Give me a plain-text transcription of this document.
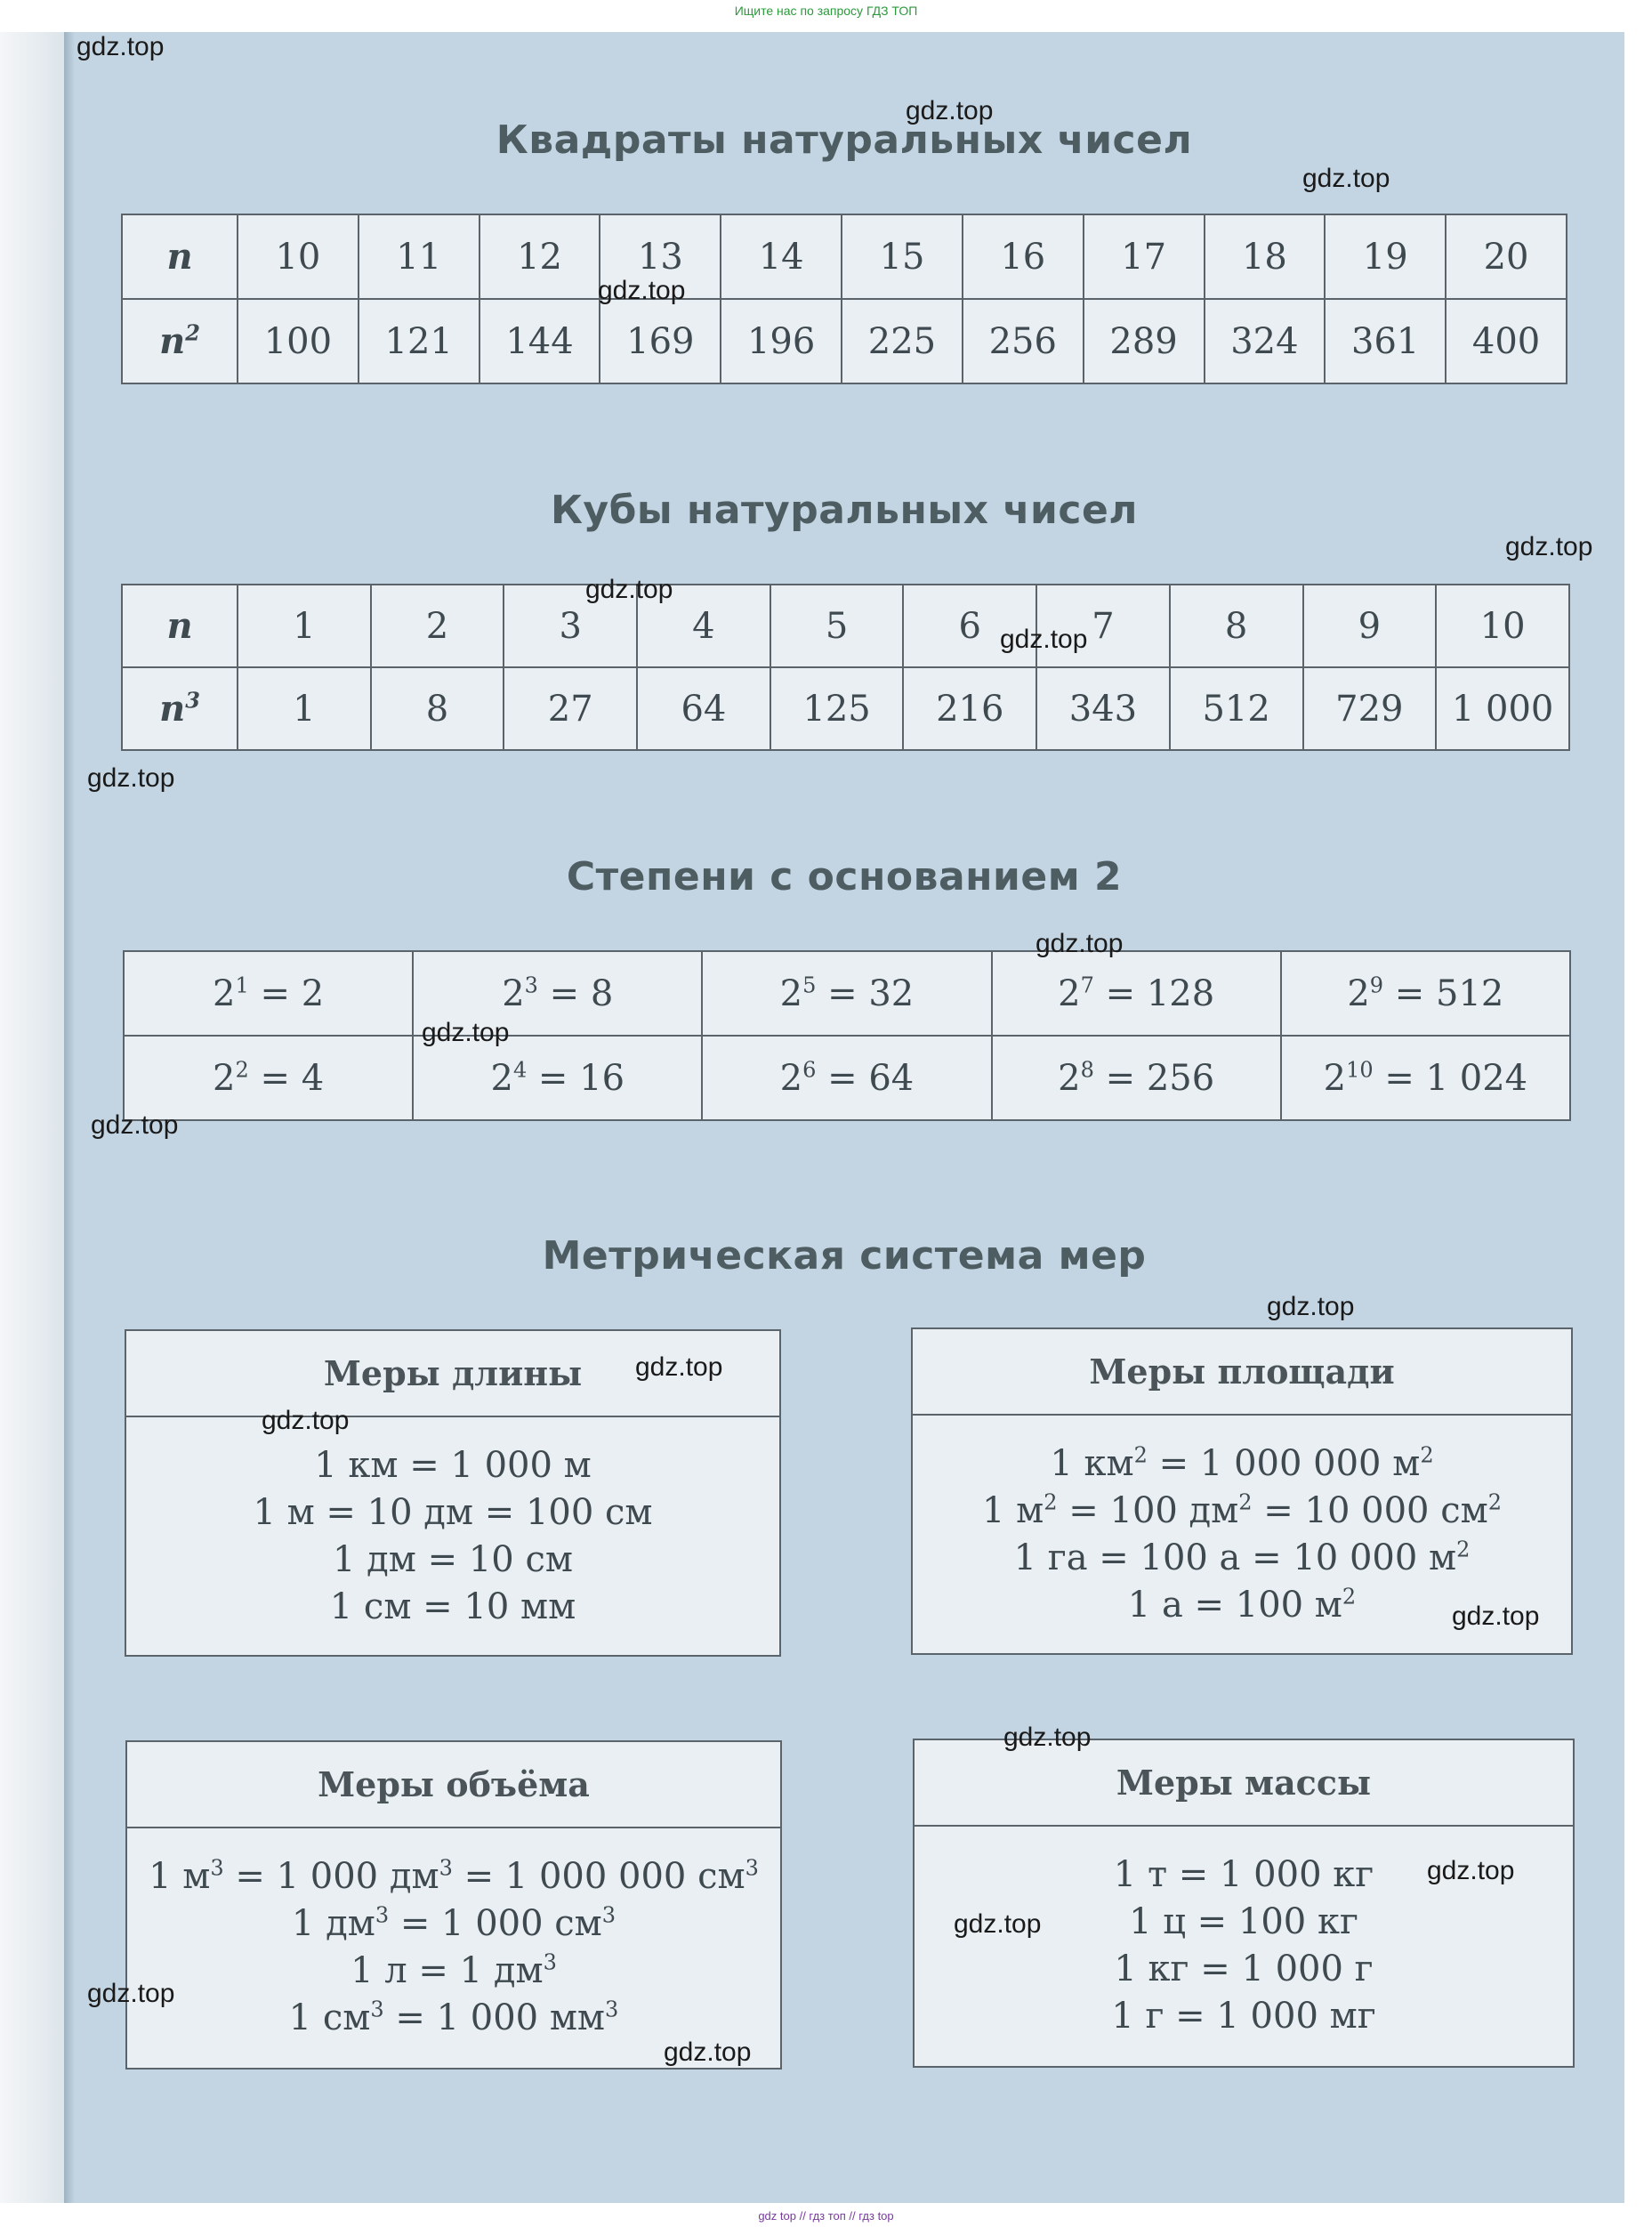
Ищите нас по запросу ГДЗ ТОП
Квадраты натуральных чисел
n	10	11	12	13	14	15	16	17	18	19	20
$n^2$	100	121	144	169	196	225	256	289	324	361	400
Кубы натуральных чисел
n	1	2	3	4	5	6	7	8	9	10
$n^3$	1	8	27	64	125	216	343	512	729	1 000
Степени с основанием 2
$2^1 = 2$	$2^3 = 8$	$2^5 = 32$	$2^7 = 128$	$2^9 = 512$
$2^2 = 4$	$2^4 = 16$	$2^6 = 64$	$2^8 = 256$	$2^{10} = 1$ 024
Метрическая система мер
Меры длины
1 км = 1 000 м
1 м = 10 дм = 100 см
1 дм = 10 см
1 см = 10 мм
Меры площади
1 $км^2 = 1$ 000 000 $м^2$
1 $м^2 = 100$ $дм^2 = 10$ 000 $см^2$
1 га = 100 а = 10 000 $м^2$
1 а = 100 $м^2$
Меры объёма
1 $м^3 = 1$ 000 $дм^3 = 1$ 000 000 $см^3$
1 $дм^3 = 1$ 000 $см^3$
1 л = 1 $дм^3$
1 $см^3 = 1$ 000 $мм^3$
Меры массы
1 т = 1 000 кг
1 ц = 100 кг
1 кг = 1 000 г
1 г = 1 000 мг
gdz.top
gdz.top
gdz.top
gdz.top
gdz.top
gdz.top
gdz.top
gdz.top
gdz.top
gdz.top
gdz.top
gdz.top
gdz.top
gdz.top
gdz.top
gdz.top
gdz.top
gdz.top
gdz.top
gdz.top
gdz top // гдз топ // гдз top
